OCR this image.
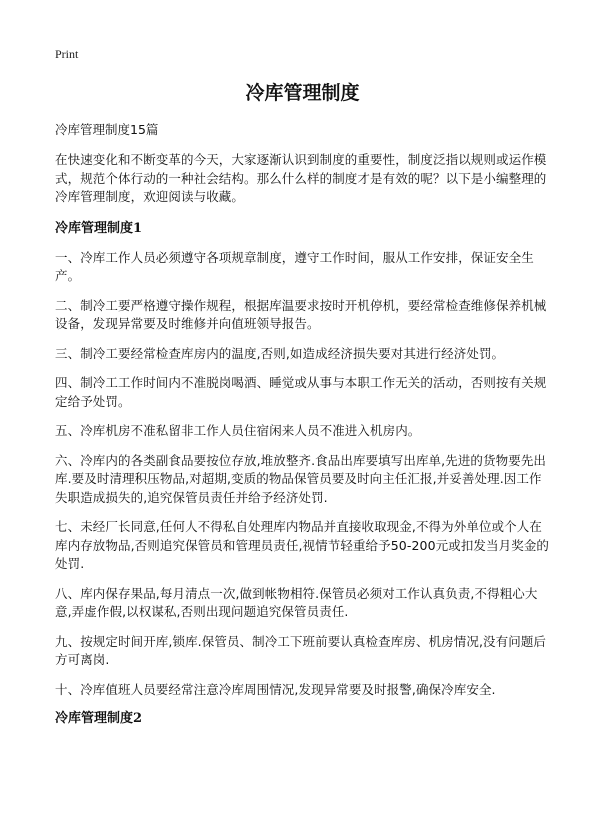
Print
冷库管理制度

冷库管理制度15篇

在快速变化和不断变革的今天，大家逐渐认识到制度的重要性，制度泛指以规则或运作模式，规范个体行动的一种社会结构。那么什么样的制度才是有效的呢？以下是小编整理的冷库管理制度，欢迎阅读与收藏。

冷库管理制度1

一、冷库工作人员必须遵守各项规章制度，遵守工作时间，服从工作安排，保证安全生产。

二、制冷工要严格遵守操作规程，根据库温要求按时开机停机，要经常检查维修保养机械设备，发现异常要及时维修并向值班领导报告。

三、制冷工要经常检查库房内的温度,否则,如造成经济损失要对其进行经济处罚。

四、制冷工工作时间内不准脱岗喝酒、睡觉或从事与本职工作无关的活动，否则按有关规定给予处罚。

五、冷库机房不准私留非工作人员住宿闲来人员不准进入机房内。

六、冷库内的各类副食品要按位存放,堆放整齐.食品出库要填写出库单,先进的货物要先出库.要及时清理积压物品,对超期,变质的物品保管员要及时向主任汇报,并妥善处理.因工作失职造成损失的,追究保管员责任并给予经济处罚.

七、未经厂长同意,任何人不得私自处理库内物品并直接收取现金,不得为外单位或个人在库内存放物品,否则追究保管员和管理员责任,视情节轻重给予50-200元或扣发当月奖金的处罚.

八、库内保存果品,每月清点一次,做到帐物相符.保管员必须对工作认真负责,不得粗心大意,弄虚作假,以权谋私,否则出现问题追究保管员责任.

九、按规定时间开库,锁库.保管员、制冷工下班前要认真检查库房、机房情况,没有问题后方可离岗.

十、冷库值班人员要经常注意冷库周围情况,发现异常要及时报警,确保冷库安全.

冷库管理制度2
